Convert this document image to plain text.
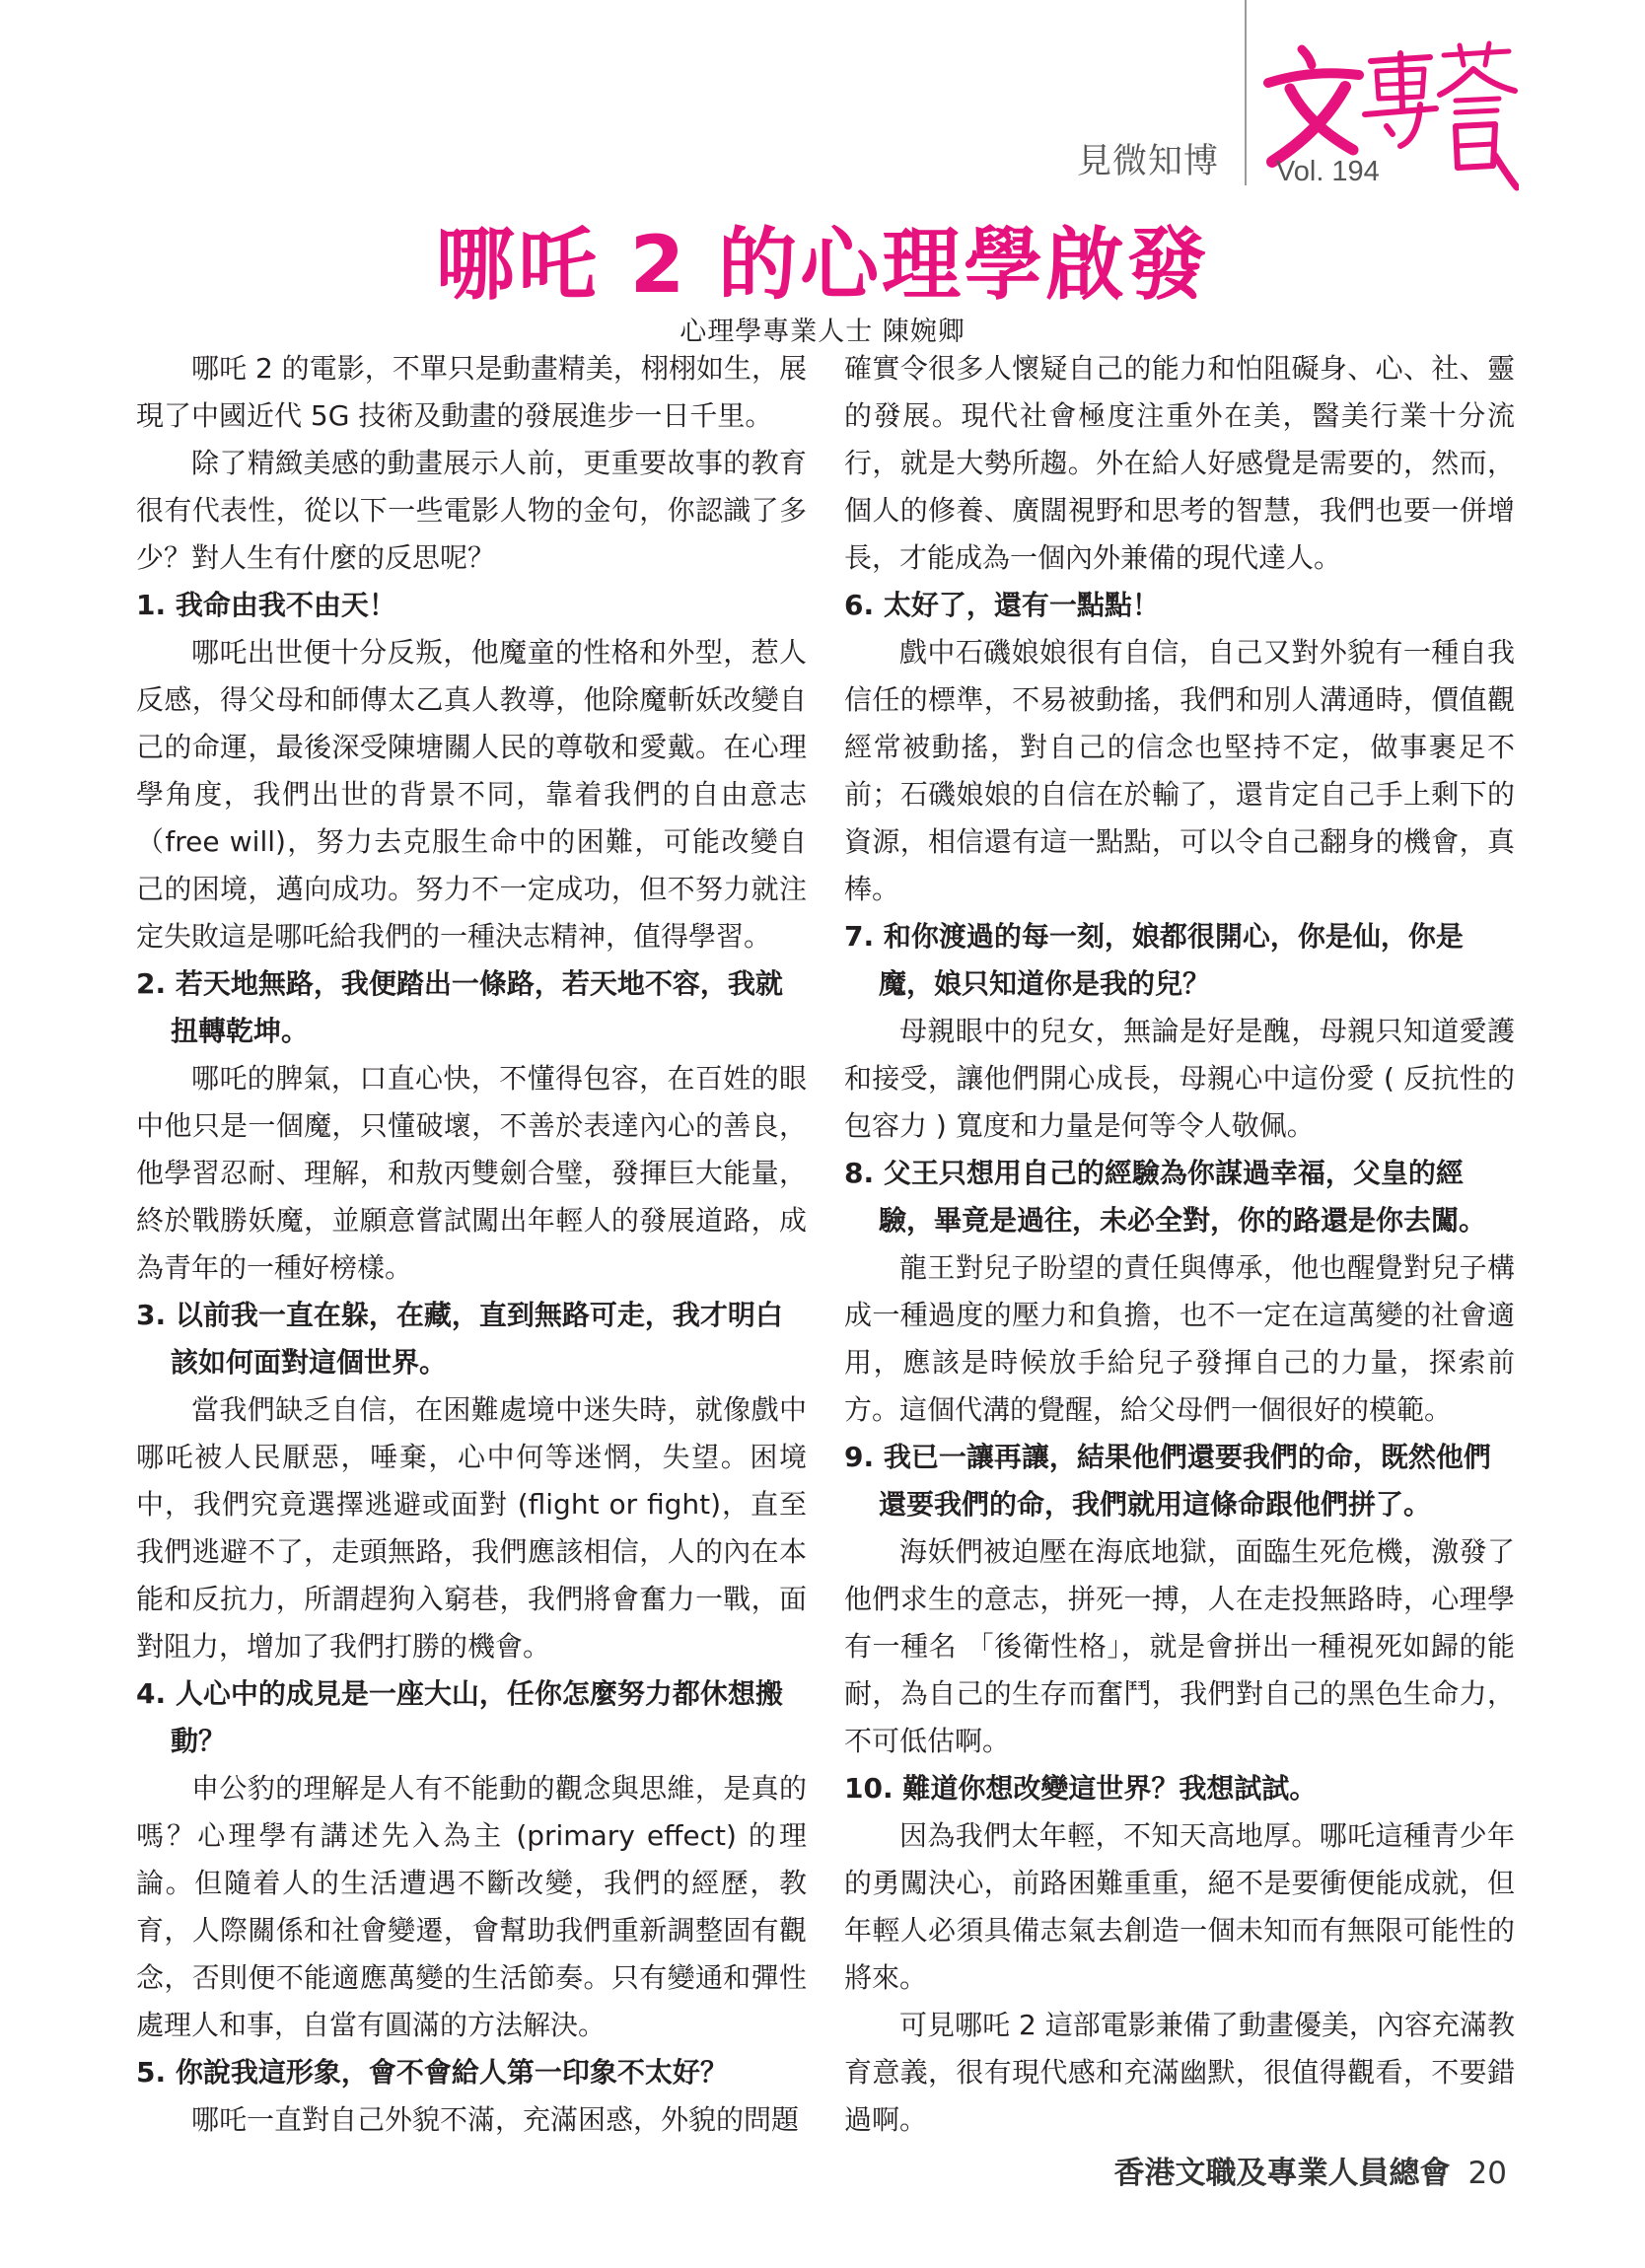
見微知博 Vol. 194
哪吒 2 的心理學啟發
心理學專業人士 陳婉卿

哪吒 2 的電影，不單只是動畫精美，栩栩如生，展現了中國近代 5G 技術及動畫的發展進步一日千里。

除了精緻美感的動畫展示人前，更重要故事的教育很有代表性，從以下一些電影人物的金句，你認識了多少？對人生有什麼的反思呢？

1. 我命由我不由天！

哪吒出世便十分反叛，他魔童的性格和外型，惹人反感，得父母和師傳太乙真人教導，他除魔斬妖改變自己的命運，最後深受陳塘關人民的尊敬和愛戴。在心理學角度，我們出世的背景不同，靠着我們的自由意志（free will)，努力去克服生命中的困難，可能改變自己的困境，邁向成功。努力不一定成功，但不努力就注定失敗這是哪吒給我們的一種決志精神，值得學習。

2. 若天地無路，我便踏出一條路，若天地不容，我就扭轉乾坤。

哪吒的脾氣，口直心快，不懂得包容，在百姓的眼中他只是一個魔，只懂破壞，不善於表達內心的善良，他學習忍耐、理解，和敖丙雙劍合璧，發揮巨大能量，終於戰勝妖魔，並願意嘗試闖出年輕人的發展道路，成為青年的一種好榜樣。

3. 以前我一直在躲，在藏，直到無路可走，我才明白該如何面對這個世界。

當我們缺乏自信，在困難處境中迷失時，就像戲中哪吒被人民厭惡，唾棄，心中何等迷惘，失望。困境中，我們究竟選擇逃避或面對 (flight or fight)，直至我們逃避不了，走頭無路，我們應該相信，人的內在本能和反抗力，所謂趕狗入窮巷，我們將會奮力一戰，面對阻力，增加了我們打勝的機會。

4. 人心中的成見是一座大山，任你怎麼努力都休想搬動？

申公豹的理解是人有不能動的觀念與思維，是真的嗎？心理學有講述先入為主 (primary effect) 的理論。但隨着人的生活遭遇不斷改變，我們的經歷，教育，人際關係和社會變遷，會幫助我們重新調整固有觀念，否則便不能適應萬變的生活節奏。只有變通和彈性處理人和事，自當有圓滿的方法解決。

5. 你說我這形象，會不會給人第一印象不太好？

哪吒一直對自己外貌不滿，充滿困惑，外貌的問題

確實令很多人懷疑自己的能力和怕阻礙身、心、社、靈的發展。現代社會極度注重外在美，醫美行業十分流行，就是大勢所趨。外在給人好感覺是需要的，然而，個人的修養、廣闊視野和思考的智慧，我們也要一併增長，才能成為一個內外兼備的現代達人。

6. 太好了，還有一點點！

戲中石磯娘娘很有自信，自己又對外貌有一種自我信任的標準，不易被動搖，我們和別人溝通時，價值觀經常被動搖，對自己的信念也堅持不定，做事裹足不前；石磯娘娘的自信在於輸了，還肯定自己手上剩下的資源，相信還有這一點點，可以令自己翻身的機會，真棒。

7. 和你渡過的每一刻，娘都很開心，你是仙，你是魔，娘只知道你是我的兒？

母親眼中的兒女，無論是好是醜，母親只知道愛護和接受，讓他們開心成長，母親心中這份愛 ( 反抗性的包容力 ) 寬度和力量是何等令人敬佩。

8. 父王只想用自己的經驗為你謀過幸福，父皇的經驗，畢竟是過往，未必全對，你的路還是你去闖。

龍王對兒子盼望的責任與傳承，他也醒覺對兒子構成一種過度的壓力和負擔，也不一定在這萬變的社會適用，應該是時候放手給兒子發揮自己的力量，探索前方。這個代溝的覺醒，給父母們一個很好的模範。

9. 我已一讓再讓，結果他們還要我們的命，既然他們還要我們的命，我們就用這條命跟他們拼了。

海妖們被迫壓在海底地獄，面臨生死危機，激發了他們求生的意志，拼死一搏，人在走投無路時，心理學有一種名 「後衛性格」，就是會拼出一種視死如歸的能耐，為自己的生存而奮鬥，我們對自己的黑色生命力，不可低估啊。

10. 難道你想改變這世界？我想試試。

因為我們太年輕，不知天高地厚。哪吒這種青少年的勇闖決心，前路困難重重，絕不是要衝便能成就，但年輕人必須具備志氣去創造一個未知而有無限可能性的將來。

可見哪吒 2 這部電影兼備了動畫優美，內容充滿教育意義，很有現代感和充滿幽默，很值得觀看，不要錯過啊。

香港文職及專業人員總會 20
